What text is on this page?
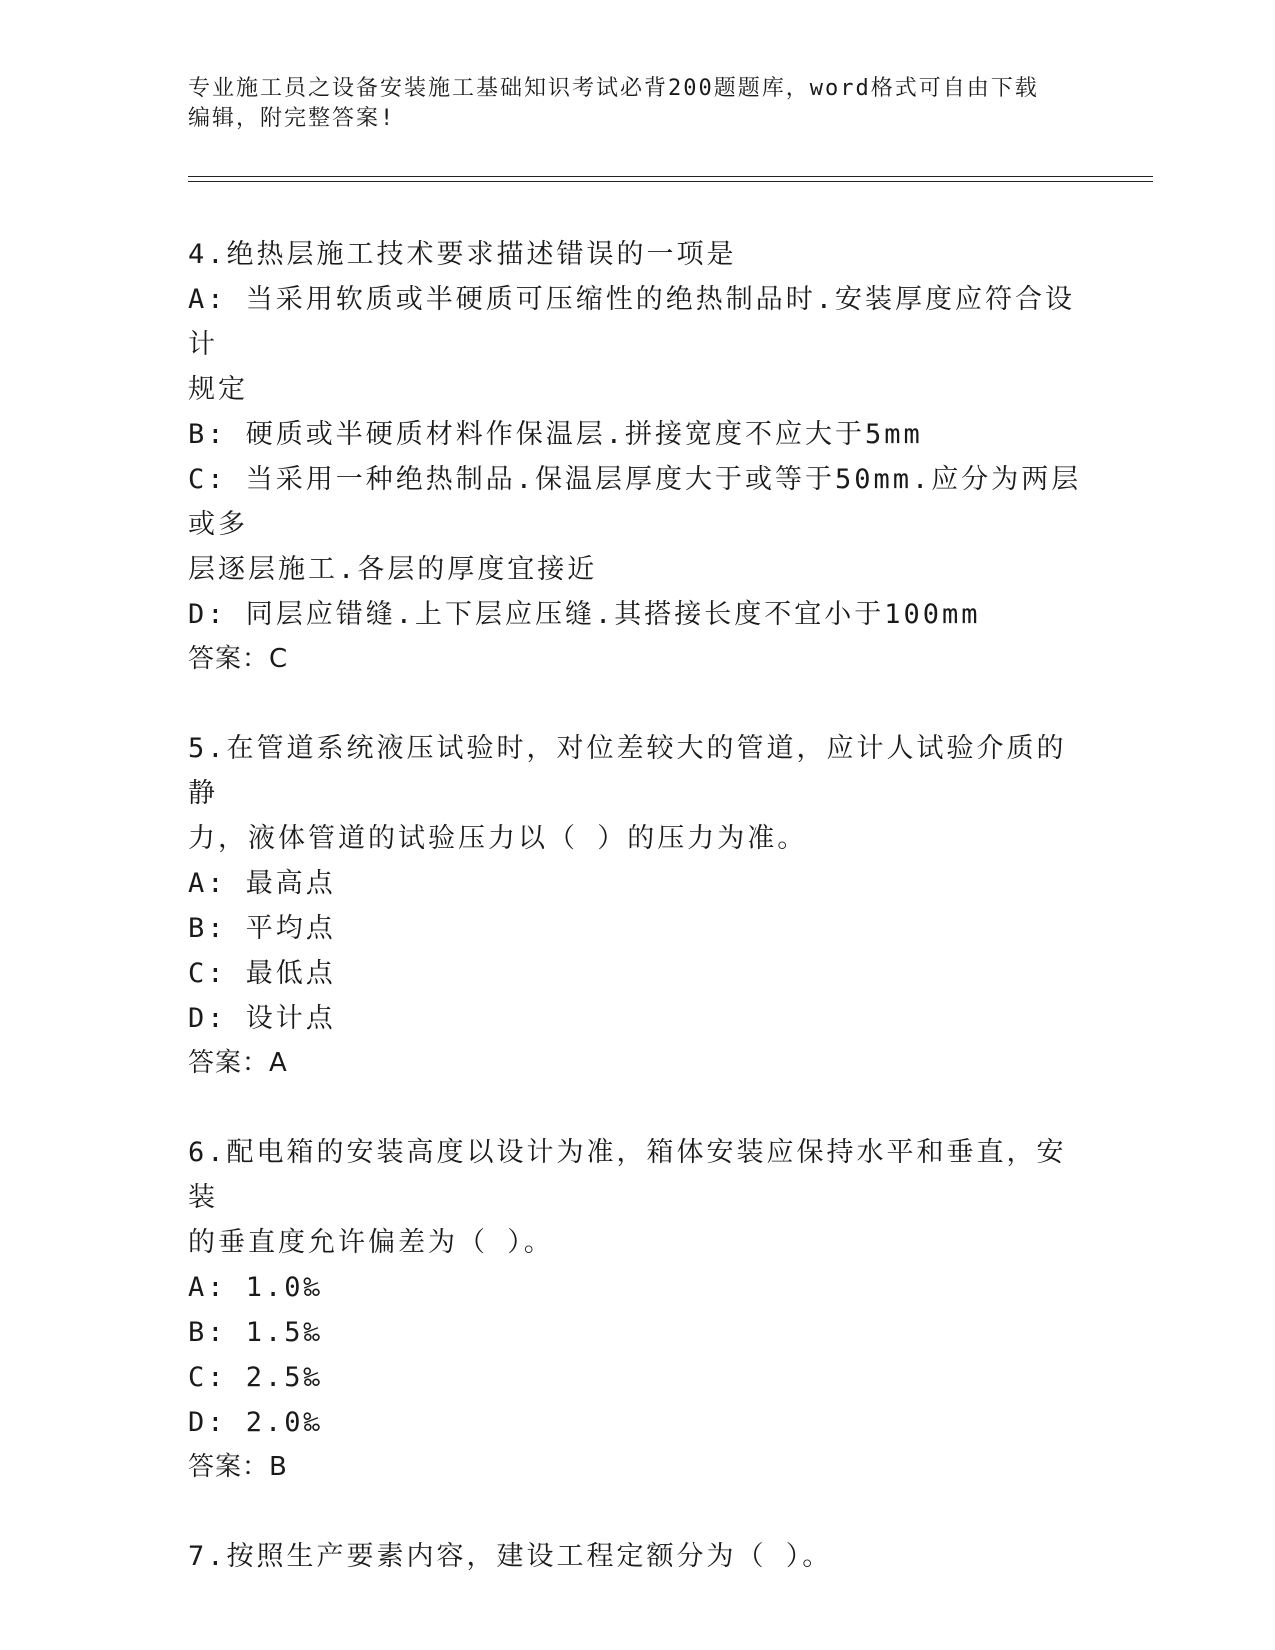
专业施工员之设备安装施工基础知识考试必背200题题库，word格式可自由下载
编辑，附完整答案!
4.绝热层施工技术要求描述错误的一项是
A: 当采用软质或半硬质可压缩性的绝热制品时.安装厚度应符合设计
规定
B: 硬质或半硬质材料作保温层.拼接宽度不应大于5mm
C: 当采用一种绝热制品.保温层厚度大于或等于50mm.应分为两层或多
层逐层施工.各层的厚度宜接近
D: 同层应错缝.上下层应压缝.其搭接长度不宜小于100mm
答案：C
5.在管道系统液压试验时，对位差较大的管道，应计人试验介质的静
力，液体管道的试验压力以（ ）的压力为准。
A: 最高点
B: 平均点
C: 最低点
D: 设计点
答案：A
6.配电箱的安装高度以设计为准，箱体安装应保持水平和垂直，安装
的垂直度允许偏差为（ ）。
A: 1.0‰
B: 1.5‰
C: 2.5‰
D: 2.0‰
答案：B
7.按照生产要素内容，建设工程定额分为（ ）。
